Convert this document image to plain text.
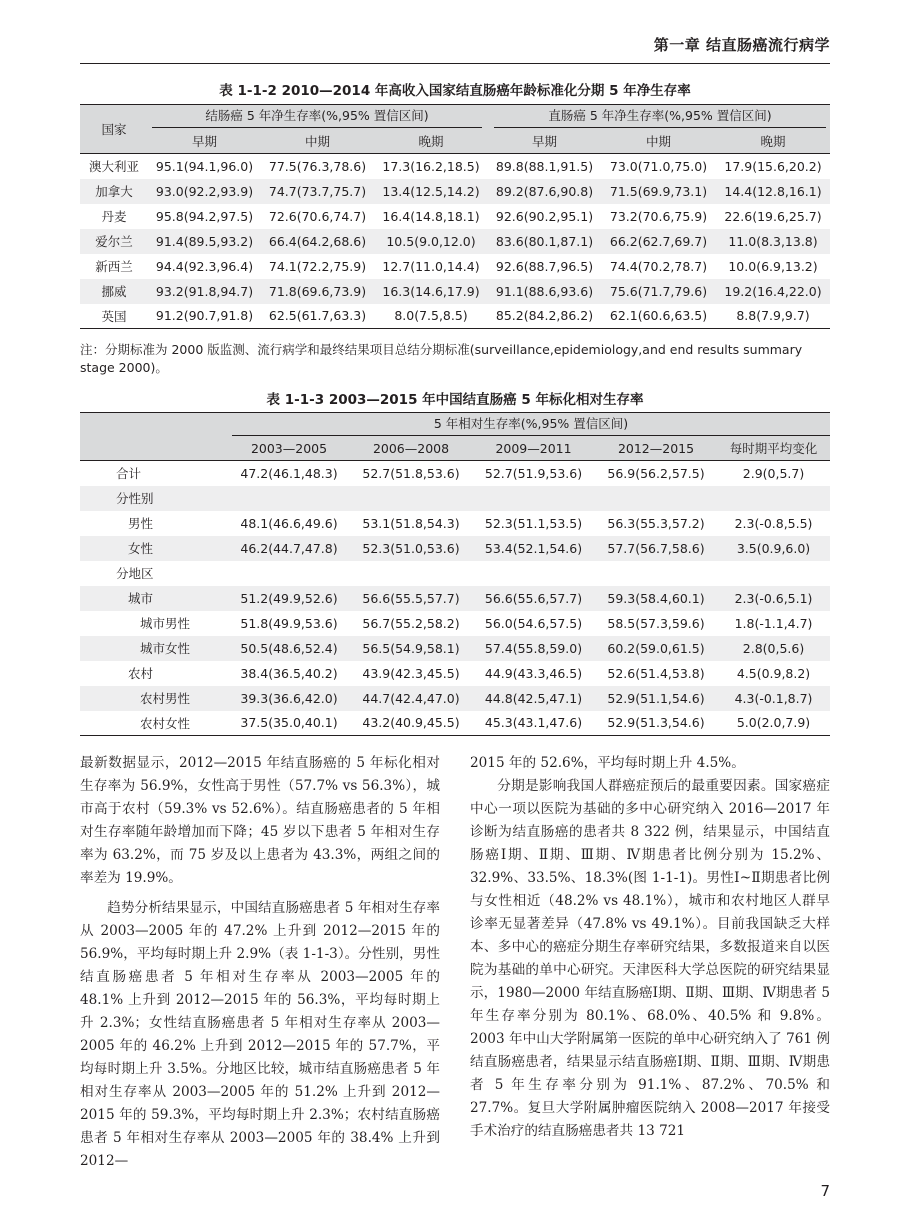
第一章 结直肠癌流行病学
表 1-1-2 2010—2014 年高收入国家结直肠癌年龄标准化分期 5 年净生存率
国家	结肠癌 5 年净生存率(%,95% 置信区间)			直肠癌 5 年净生存率(%,95% 置信区间)		

	早期	中期	晚期	早期	中期	晚期
澳大利亚	95.1(94.1,96.0)	77.5(76.3,78.6)	17.3(16.2,18.5)	89.8(88.1,91.5)	73.0(71.0,75.0)	17.9(15.6,20.2)
加拿大	93.0(92.2,93.9)	74.7(73.7,75.7)	13.4(12.5,14.2)	89.2(87.6,90.8)	71.5(69.9,73.1)	14.4(12.8,16.1)
丹麦	95.8(94.2,97.5)	72.6(70.6,74.7)	16.4(14.8,18.1)	92.6(90.2,95.1)	73.2(70.6,75.9)	22.6(19.6,25.7)
爱尔兰	91.4(89.5,93.2)	66.4(64.2,68.6)	10.5(9.0,12.0)	83.6(80.1,87.1)	66.2(62.7,69.7)	11.0(8.3,13.8)
新西兰	94.4(92.3,96.4)	74.1(72.2,75.9)	12.7(11.0,14.4)	92.6(88.7,96.5)	74.4(70.2,78.7)	10.0(6.9,13.2)
挪威	93.2(91.8,94.7)	71.8(69.6,73.9)	16.3(14.6,17.9)	91.1(88.6,93.6)	75.6(71.7,79.6)	19.2(16.4,22.0)
英国	91.2(90.7,91.8)	62.5(61.7,63.3)	8.0(7.5,8.5)	85.2(84.2,86.2)	62.1(60.6,63.5)	8.8(7.9,9.7)
注：分期标准为 2000 版监测、流行病学和最终结果项目总结分期标准(surveillance,epidemiology,and end results summary stage 2000)。
表 1-1-3 2003—2015 年中国结直肠癌 5 年标化相对生存率

	5 年相对生存率(%,95% 置信区间)				

	2003—2005	2006—2008	2009—2011	2012—2015	每时期平均变化
合计	47.2(46.1,48.3)	52.7(51.8,53.6)	52.7(51.9,53.6)	56.9(56.2,57.5)	2.9(0,5.7)
分性别					
男性	48.1(46.6,49.6)	53.1(51.8,54.3)	52.3(51.1,53.5)	56.3(55.3,57.2)	2.3(-0.8,5.5)
女性	46.2(44.7,47.8)	52.3(51.0,53.6)	53.4(52.1,54.6)	57.7(56.7,58.6)	3.5(0.9,6.0)
分地区					
城市	51.2(49.9,52.6)	56.6(55.5,57.7)	56.6(55.6,57.7)	59.3(58.4,60.1)	2.3(-0.6,5.1)
城市男性	51.8(49.9,53.6)	56.7(55.2,58.2)	56.0(54.6,57.5)	58.5(57.3,59.6)	1.8(-1.1,4.7)
城市女性	50.5(48.6,52.4)	56.5(54.9,58.1)	57.4(55.8,59.0)	60.2(59.0,61.5)	2.8(0,5.6)
农村	38.4(36.5,40.2)	43.9(42.3,45.5)	44.9(43.3,46.5)	52.6(51.4,53.8)	4.5(0.9,8.2)
农村男性	39.3(36.6,42.0)	44.7(42.4,47.0)	44.8(42.5,47.1)	52.9(51.1,54.6)	4.3(-0.1,8.7)
农村女性	37.5(35.0,40.1)	43.2(40.9,45.5)	45.3(43.1,47.6)	52.9(51.3,54.6)	5.0(2.0,7.9)

最新数据显示，2012—2015 年结直肠癌的 5 年标化相对生存率为 56.9%，女性高于男性（57.7% vs 56.3%），城市高于农村（59.3% vs 52.6%）。结直肠癌患者的 5 年相对生存率随年龄增加而下降；45 岁以下患者 5 年相对生存率为 63.2%，而 75 岁及以上患者为 43.3%，两组之间的率差为 19.9%。

趋势分析结果显示，中国结直肠癌患者 5 年相对生存率从 2003—2005 年的 47.2% 上升到 2012—2015 年的 56.9%，平均每时期上升 2.9%（表 1-1-3）。分性别，男性结直肠癌患者 5 年相对生存率从 2003—2005 年的 48.1% 上升到 2012—2015 年的 56.3%，平均每时期上升 2.3%；女性结直肠癌患者 5 年相对生存率从 2003—2005 年的 46.2% 上升到 2012—2015 年的 57.7%，平均每时期上升 3.5%。分地区比较，城市结直肠癌患者 5 年相对生存率从 2003—2005 年的 51.2% 上升到 2012—2015 年的 59.3%，平均每时期上升 2.3%；农村结直肠癌患者 5 年相对生存率从 2003—2005 年的 38.4% 上升到 2012—

2015 年的 52.6%，平均每时期上升 4.5%。

分期是影响我国人群癌症预后的最重要因素。国家癌症中心一项以医院为基础的多中心研究纳入 2016—2017 年诊断为结直肠癌的患者共 8 322 例，结果显示，中国结直肠癌Ⅰ期、Ⅱ期、Ⅲ期、Ⅳ期患者比例分别为 15.2%、32.9%、33.5%、18.3%(图 1-1-1)。男性Ⅰ~Ⅱ期患者比例与女性相近（48.2% vs 48.1%），城市和农村地区人群早诊率无显著差异（47.8% vs 49.1%）。目前我国缺乏大样本、多中心的癌症分期生存率研究结果，多数报道来自以医院为基础的单中心研究。天津医科大学总医院的研究结果显示，1980—2000 年结直肠癌Ⅰ期、Ⅱ期、Ⅲ期、Ⅳ期患者 5 年生存率分别为 80.1%、68.0%、40.5% 和 9.8%。2003 年中山大学附属第一医院的单中心研究纳入了 761 例结直肠癌患者，结果显示结直肠癌Ⅰ期、Ⅱ期、Ⅲ期、Ⅳ期患者 5 年生存率分别为 91.1%、87.2%、70.5% 和 27.7%。复旦大学附属肿瘤医院纳入 2008—2017 年接受手术治疗的结直肠癌患者共 13 721

7
